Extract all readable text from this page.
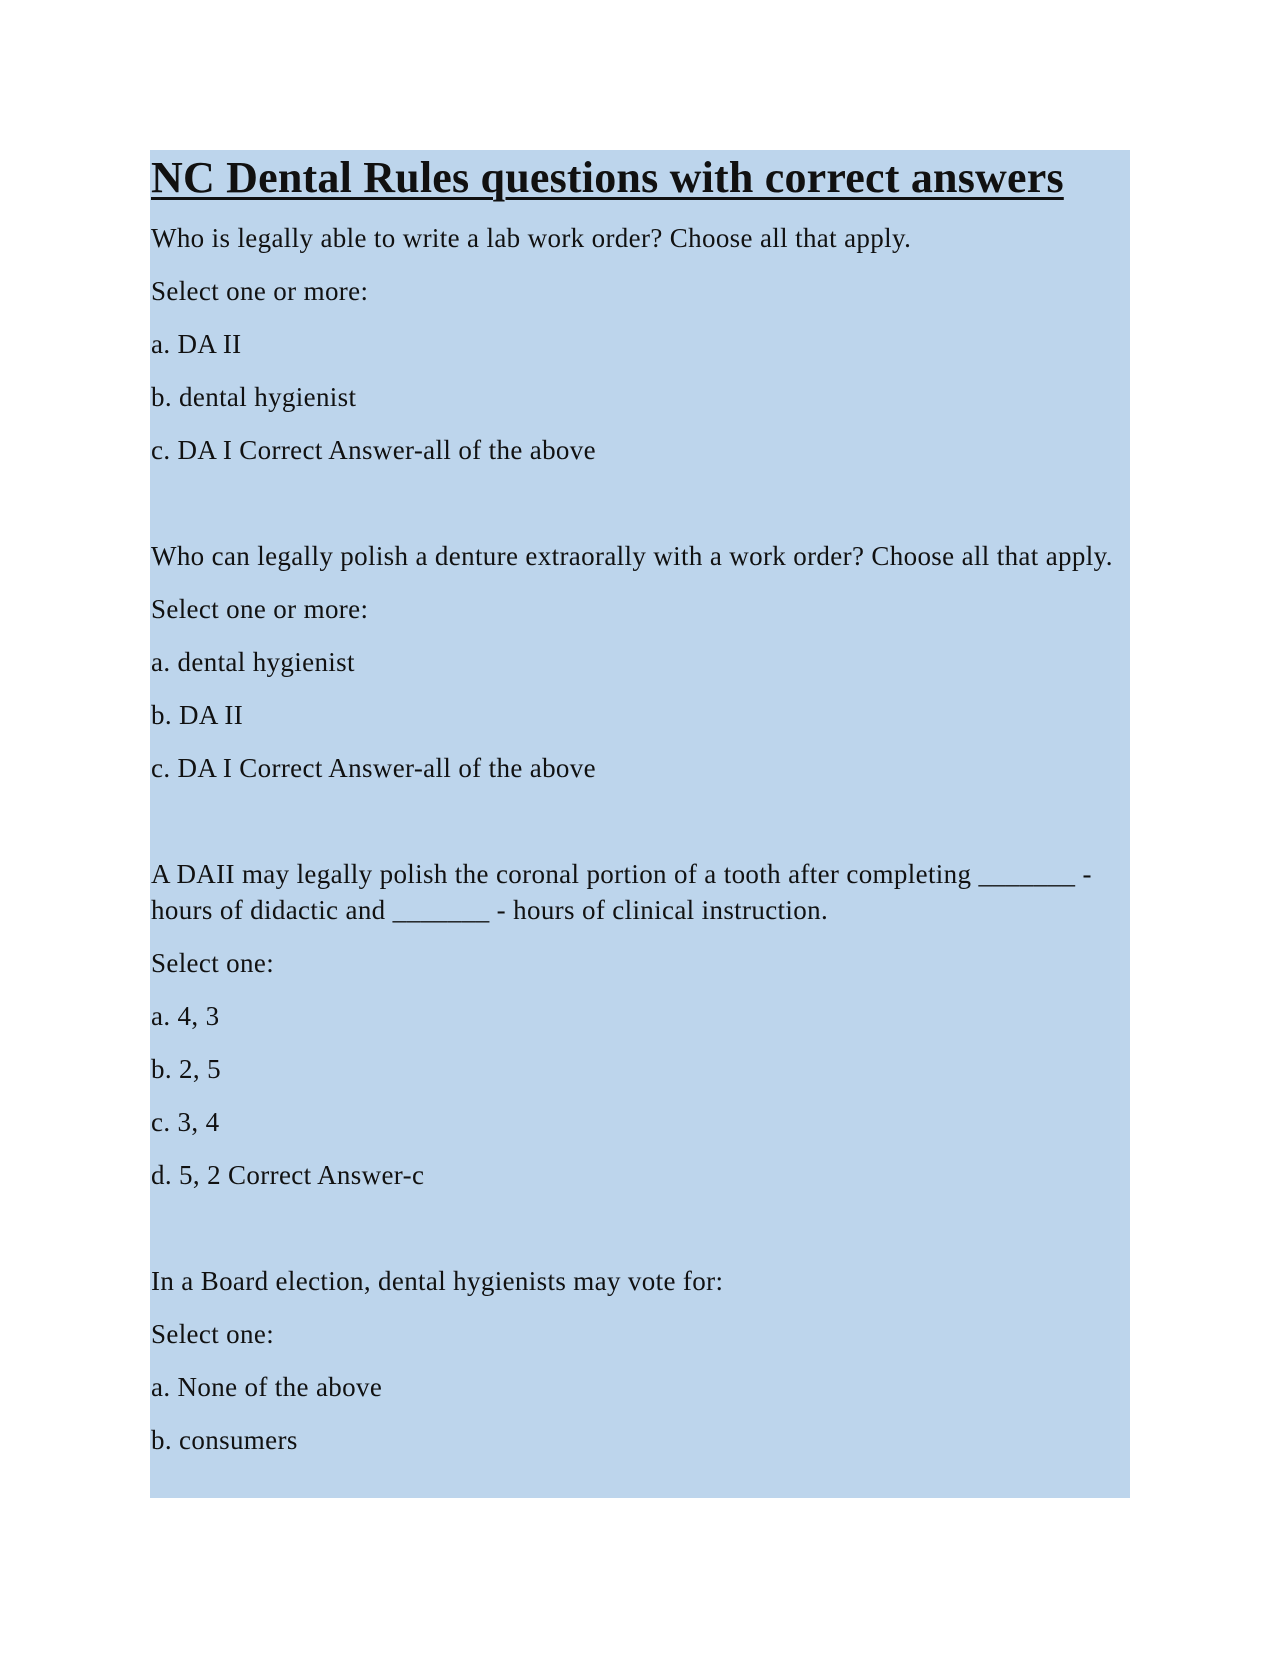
NC Dental Rules questions with correct answers

Who is legally able to write a lab work order? Choose all that apply.

Select one or more:

a. DA II

b. dental hygienist

c. DA I Correct Answer-all of the above

Who can legally polish a denture extraorally with a work order? Choose all that apply.

Select one or more:

a. dental hygienist

b. DA II

c. DA I Correct Answer-all of the above

A DAII may legally polish the coronal portion of a tooth after completing _______ - hours of didactic and _______ - hours of clinical instruction.

Select one:

a. 4, 3

b. 2, 5

c. 3, 4

d. 5, 2 Correct Answer-c

In a Board election, dental hygienists may vote for:

Select one:

a. None of the above

b. consumers
